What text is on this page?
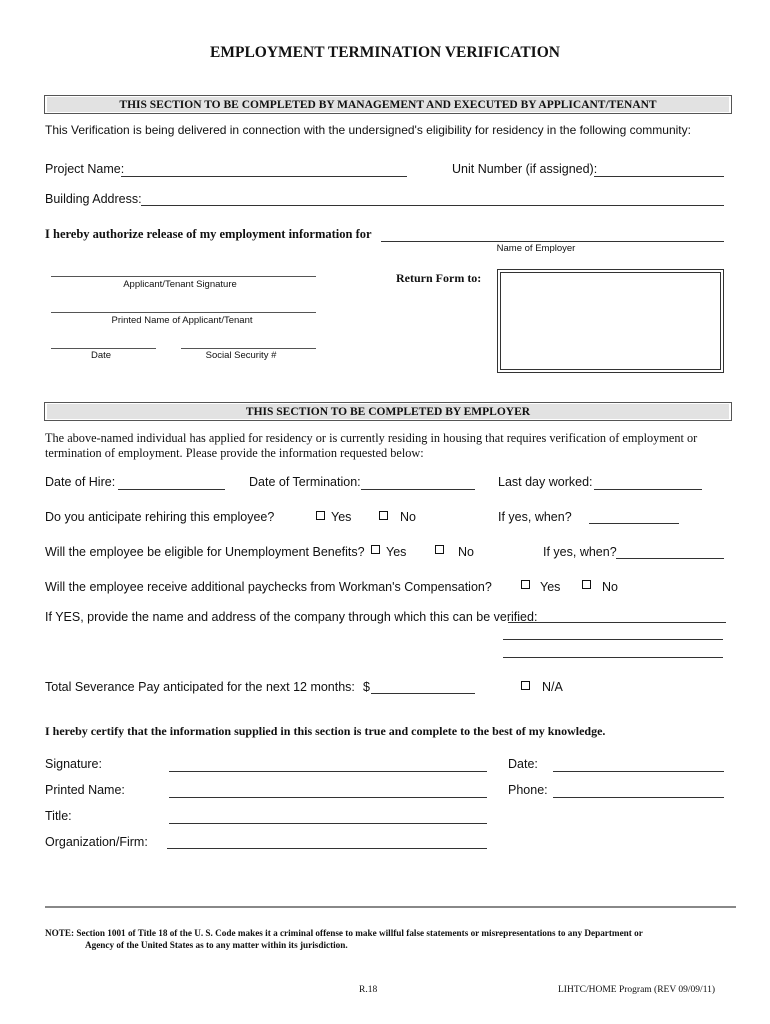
EMPLOYMENT TERMINATION VERIFICATION
THIS SECTION TO BE COMPLETED BY MANAGEMENT AND EXECUTED BY APPLICANT/TENANT
This Verification is being delivered in connection with the undersigned's eligibility for residency in the following community:
Project Name:	Unit Number (if assigned):
Building Address:
I hereby authorize release of my employment information for
Name of Employer
Applicant/Tenant Signature
Printed Name of Applicant/Tenant
Date	Social Security #
Return Form to:
THIS SECTION TO BE COMPLETED BY EMPLOYER
The above-named individual has applied for residency or is currently residing in housing that requires verification of employment or
termination of employment. Please provide the information requested below:
Date of Hire:	Date of Termination:	Last day worked:
Do you anticipate rehiring this employee?	Yes	No	If yes, when?
Will the employee be eligible for Unemployment Benefits? Yes	No	If yes, when?
Will the employee receive additional paychecks from Workman's Compensation?	Yes	No
If YES, provide the name and address of the company through which this can be verified:
Total Severance Pay anticipated for the next 12 months: $	N/A
I hereby certify that the information supplied in this section is true and complete to the best of my knowledge.
Signature:	Date:
Printed Name:	Phone:
Title:
Organization/Firm:
NOTE: Section 1001 of Title 18 of the U. S. Code makes it a criminal offense to make willful false statements or misrepresentations to any Department or
Agency of the United States as to any matter within its jurisdiction.
R.18	LIHTC/HOME Program (REV 09/09/11)
